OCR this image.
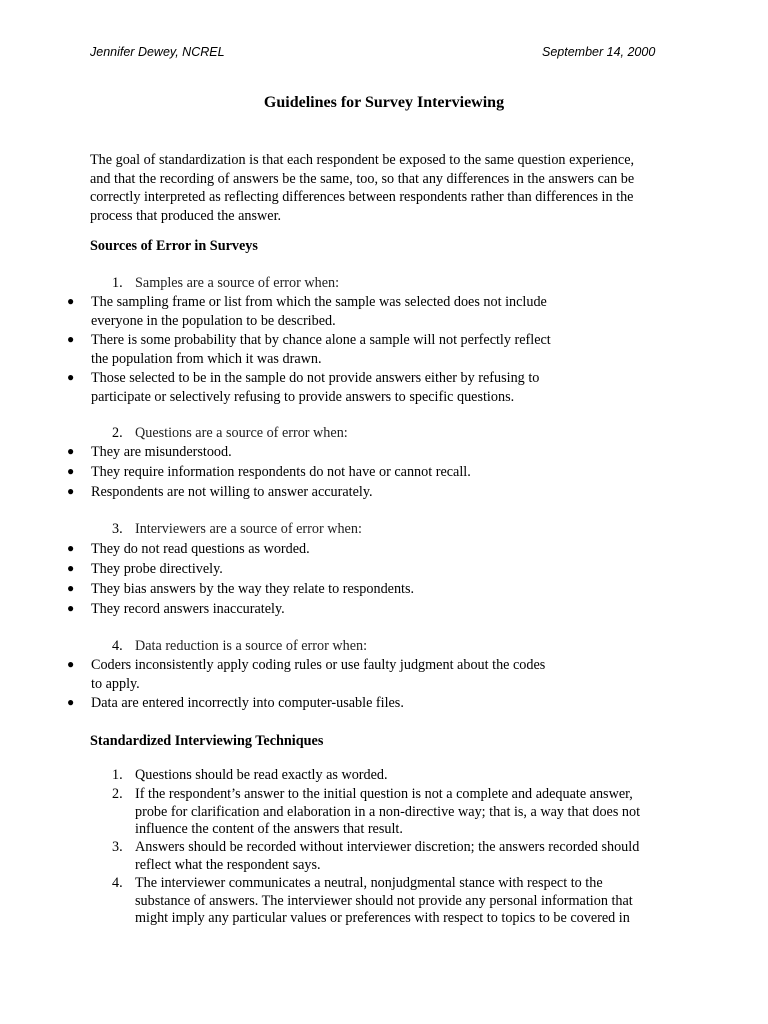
Jennifer Dewey, NCREL	September 14, 2000
Guidelines for Survey Interviewing
The goal of standardization is that each respondent be exposed to the same question experience,
and that the recording of answers be the same, too, so that any differences in the answers can be
correctly interpreted as reflecting differences between respondents rather than differences in the
process that produced the answer.
Sources of Error in Surveys
1. Samples are a source of error when:
● The sampling frame or list from which the sample was selected does not include
everyone in the population to be described.
● There is some probability that by chance alone a sample will not perfectly reflect
the population from which it was drawn.
● Those selected to be in the sample do not provide answers either by refusing to
participate or selectively refusing to provide answers to specific questions.
2. Questions are a source of error when:
● They are misunderstood.
● They require information respondents do not have or cannot recall.
● Respondents are not willing to answer accurately.
3. Interviewers are a source of error when:
● They do not read questions as worded.
● They probe directively.
● They bias answers by the way they relate to respondents.
● They record answers inaccurately.
4. Data reduction is a source of error when:
● Coders inconsistently apply coding rules or use faulty judgment about the codes
to apply.
● Data are entered incorrectly into computer-usable files.
Standardized Interviewing Techniques
1. Questions should be read exactly as worded.
2. If the respondent’s answer to the initial question is not a complete and adequate answer,
probe for clarification and elaboration in a non-directive way; that is, a way that does not
influence the content of the answers that result.
3. Answers should be recorded without interviewer discretion; the answers recorded should
reflect what the respondent says.
4. The interviewer communicates a neutral, nonjudgmental stance with respect to the
substance of answers. The interviewer should not provide any personal information that
might imply any particular values or preferences with respect to topics to be covered in
